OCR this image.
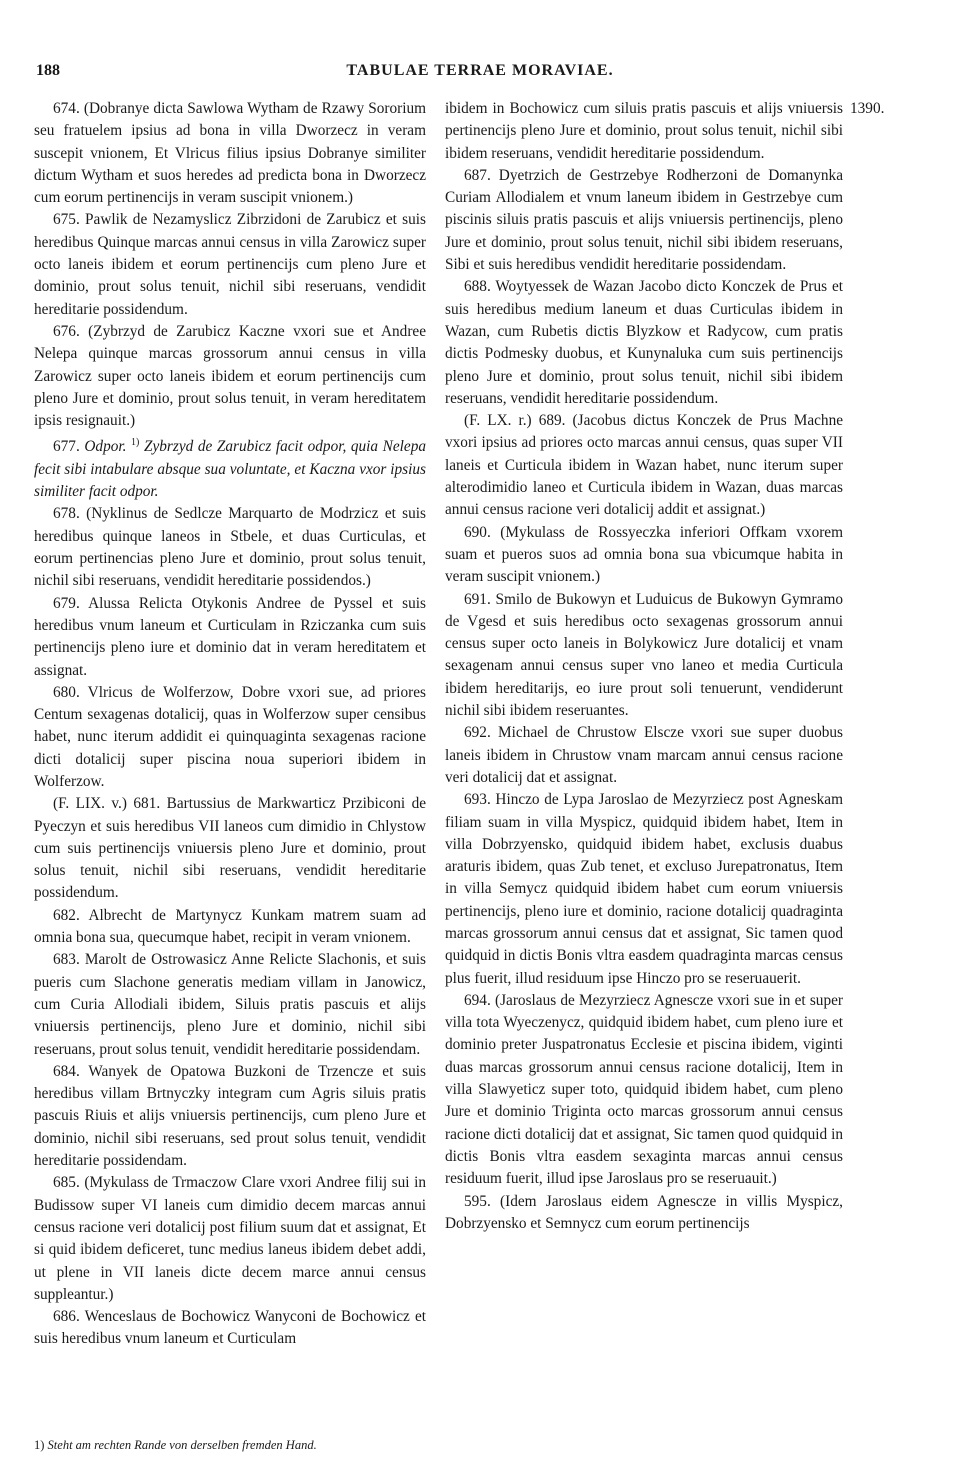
188	TABULAE TERRAE MORAVIAE.

674. (Dobranye dicta Sawlowa Wytham de Rzawy Sororium seu fratuelem ipsius ad bona in villa Dworzecz in veram suscepit vnionem, Et Vlricus filius ipsius Dobranye similiter dictum Wytham et suos heredes ad predicta bona in Dworzecz cum eorum pertinencijs in veram suscipit vnionem.)

675. Pawlik de Nezamyslicz Zibrzidoni de Zarubicz et suis heredibus Quinque marcas annui census in villa Zarowicz super octo laneis ibidem et eorum pertinencijs cum pleno Jure et dominio, prout solus tenuit, nichil sibi reseruans, vendidit hereditarie possidendum.

676. (Zybrzyd de Zarubicz Kaczne vxori sue et Andree Nelepa quinque marcas grossorum annui census in villa Zarowicz super octo laneis ibidem et eorum pertinencijs cum pleno Jure et dominio, prout solus tenuit, in veram hereditatem ipsis resignauit.)

677. Odpor. $^{1)}$ Zybrzyd de Zarubicz facit odpor, quia Nelepa fecit sibi intabulare absque sua voluntate, et Kaczna vxor ipsius similiter facit odpor.

678. (Nyklinus de Sedlcze Marquarto de Modrzicz et suis heredibus quinque laneos in Stbele, et duas Curticulas, et eorum pertinencias pleno Jure et dominio, prout solus tenuit, nichil sibi reseruans, vendidit hereditarie possidendos.)

679. Alussa Relicta Otykonis Andree de Pyssel et suis heredibus vnum laneum et Curticulam in Rziczanka cum suis pertinencijs pleno iure et dominio dat in veram hereditatem et assignat.

680. Vlricus de Wolferzow, Dobre vxori sue, ad priores Centum sexagenas dotalicij, quas in Wolferzow super censibus habet, nunc iterum addidit ei quinquaginta sexagenas racione dicti dotalicij super piscina noua superiori ibidem in Wolferzow.

(F. LIX. v.) 681. Bartussius de Markwarticz Przibiconi de Pyeczyn et suis heredibus VII laneos cum dimidio in Chlystow cum suis pertinencijs vniuersis pleno Jure et dominio, prout solus tenuit, nichil sibi reseruans, vendidit hereditarie possidendum.

682. Albrecht de Martynycz Kunkam matrem suam ad omnia bona sua, quecumque habet, recipit in veram vnionem.

683. Marolt de Ostrowasicz Anne Relicte Slachonis, et suis pueris cum Slachone generatis mediam villam in Janowicz, cum Curia Allodiali ibidem, Siluis pratis pascuis et alijs vniuersis pertinencijs, pleno Jure et dominio, nichil sibi reseruans, prout solus tenuit, vendidit hereditarie possidendam.

684. Wanyek de Opatowa Buzkoni de Trzencze et suis heredibus villam Brtnyczky integram cum Agris siluis pratis pascuis Riuis et alijs vniuersis pertinencijs, cum pleno Jure et dominio, nichil sibi reseruans, sed prout solus tenuit, vendidit hereditarie possidendam.

685. (Mykulass de Trmaczow Clare vxori Andree filij sui in Budissow super VI laneis cum dimidio decem marcas annui census racione veri dotalicij post filium suum dat et assignat, Et si quid ibidem deficeret, tunc medius laneus ibidem debet addi, ut plene in VII laneis dicte decem marce annui census suppleantur.)

686. Wenceslaus de Bochowicz Wanyconi de Bochowicz et suis heredibus vnum laneum et Curticulam

ibidem in Bochowicz cum siluis pratis pascuis et alijs vniuersis pertinencijs pleno Jure et dominio, prout solus tenuit, nichil sibi ibidem reseruans, vendidit hereditarie possidendum.

687. Dyetrzich de Gestrzebye Rodherzoni de Domanynka Curiam Allodialem et vnum laneum ibidem in Gestrzebye cum piscinis siluis pratis pascuis et alijs vniuersis pertinencijs, pleno Jure et dominio, prout solus tenuit, nichil sibi ibidem reseruans, Sibi et suis heredibus vendidit hereditarie possidendam.

688. Woytyessek de Wazan Jacobo dicto Konczek de Prus et suis heredibus medium laneum et duas Curticulas ibidem in Wazan, cum Rubetis dictis Blyzkow et Radycow, cum pratis dictis Podmesky duobus, et Kunynaluka cum suis pertinencijs pleno Jure et dominio, prout solus tenuit, nichil sibi ibidem reseruans, vendidit hereditarie possidendum.

(F. LX. r.) 689. (Jacobus dictus Konczek de Prus Machne vxori ipsius ad priores octo marcas annui census, quas super VII laneis et Curticula ibidem in Wazan habet, nunc iterum super alterodimidio laneo et Curticula ibidem in Wazan, duas marcas annui census racione veri dotalicij addit et assignat.)

690. (Mykulass de Rossyeczka inferiori Offkam vxorem suam et pueros suos ad omnia bona sua vbicumque habita in veram suscipit vnionem.)

691. Smilo de Bukowyn et Luduicus de Bukowyn Gymramo de Vgesd et suis heredibus octo sexagenas grossorum annui census super octo laneis in Bolykowicz Jure dotalicij et vnam sexagenam annui census super vno laneo et media Curticula ibidem hereditarijs, eo iure prout soli tenuerunt, vendiderunt nichil sibi ibidem reseruantes.

692. Michael de Chrustow Elscze vxori sue super duobus laneis ibidem in Chrustow vnam marcam annui census racione veri dotalicij dat et assignat.

693. Hinczo de Lypa Jaroslao de Mezyrziecz post Agneskam filiam suam in villa Myspicz, quidquid ibidem habet, Item in villa Dobrzyensko, quidquid ibidem habet, exclusis duabus araturis ibidem, quas Zub tenet, et excluso Jurepatronatus, Item in villa Semycz quidquid ibidem habet cum eorum vniuersis pertinencijs, pleno iure et dominio, racione dotalicij quadraginta marcas grossorum annui census dat et assignat, Sic tamen quod quidquid in dictis Bonis vltra easdem quadraginta marcas census plus fuerit, illud residuum ipse Hinczo pro se reseruauerit.

694. (Jaroslaus de Mezyrziecz Agnescze vxori sue in et super villa tota Wyeczenycz, quidquid ibidem habet, cum pleno iure et dominio preter Juspatronatus Ecclesie et piscina ibidem, viginti duas marcas grossorum annui census racione dotalicij, Item in villa Slawyeticz super toto, quidquid ibidem habet, cum pleno Jure et dominio Triginta octo marcas grossorum annui census racione dicti dotalicij dat et assignat, Sic tamen quod quidquid in dictis Bonis vltra easdem sexaginta marcas annui census residuum fuerit, illud ipse Jaroslaus pro se reseruauit.)

595. (Idem Jaroslaus eidem Agnescze in villis Myspicz, Dobrzyensko et Semnycz cum eorum pertinencijs

1390.
1) Steht am rechten Rande von derselben fremden Hand.
